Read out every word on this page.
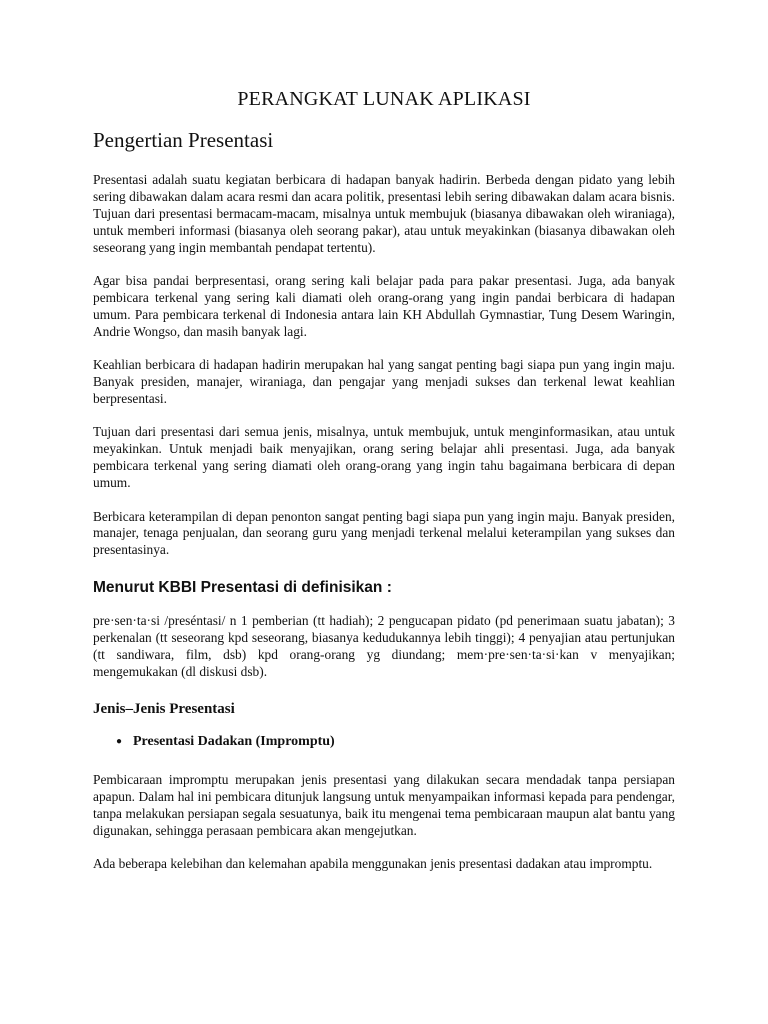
PERANGKAT LUNAK APLIKASI
Pengertian Presentasi

Presentasi adalah suatu kegiatan berbicara di hadapan banyak hadirin. Berbeda dengan pidato yang lebih sering dibawakan dalam acara resmi dan acara politik, presentasi lebih sering dibawakan dalam acara bisnis. Tujuan dari presentasi bermacam-macam, misalnya untuk membujuk (biasanya dibawakan oleh wiraniaga), untuk memberi informasi (biasanya oleh seorang pakar), atau untuk meyakinkan (biasanya dibawakan oleh seseorang yang ingin membantah pendapat tertentu).

Agar bisa pandai berpresentasi, orang sering kali belajar pada para pakar presentasi. Juga, ada banyak pembicara terkenal yang sering kali diamati oleh orang-orang yang ingin pandai berbicara di hadapan umum. Para pembicara terkenal di Indonesia antara lain KH Abdullah Gymnastiar, Tung Desem Waringin, Andrie Wongso, dan masih banyak lagi.

Keahlian berbicara di hadapan hadirin merupakan hal yang sangat penting bagi siapa pun yang ingin maju. Banyak presiden, manajer, wiraniaga, dan pengajar yang menjadi sukses dan terkenal lewat keahlian berpresentasi.

Tujuan dari presentasi dari semua jenis, misalnya, untuk membujuk, untuk menginformasikan, atau untuk meyakinkan. Untuk menjadi baik menyajikan, orang sering belajar ahli presentasi. Juga, ada banyak pembicara terkenal yang sering diamati oleh orang-orang yang ingin tahu bagaimana berbicara di depan umum.

Berbicara keterampilan di depan penonton sangat penting bagi siapa pun yang ingin maju. Banyak presiden, manajer, tenaga penjualan, dan seorang guru yang menjadi terkenal melalui keterampilan yang sukses dan presentasinya.

Menurut KBBI Presentasi di definisikan :

pre·sen·ta·si /preséntasi/ n 1 pemberian (tt hadiah); 2 pengucapan pidato (pd penerimaan suatu jabatan); 3 perkenalan (tt seseorang kpd seseorang, biasanya kedudukannya lebih tinggi); 4 penyajian atau pertunjukan (tt sandiwara, film, dsb) kpd orang-orang yg diundang; mem·pre·sen·ta·si·kan v menyajikan; mengemukakan (dl diskusi dsb).

Jenis–Jenis Presentasi
● Presentasi Dadakan (Impromptu)

Pembicaraan impromptu merupakan jenis presentasi yang dilakukan secara mendadak tanpa persiapan apapun. Dalam hal ini pembicara ditunjuk langsung untuk menyampaikan informasi kepada para pendengar, tanpa melakukan persiapan segala sesuatunya, baik itu mengenai tema pembicaraan maupun alat bantu yang digunakan, sehingga perasaan pembicara akan mengejutkan.

Ada beberapa kelebihan dan kelemahan apabila menggunakan jenis presentasi dadakan atau impromptu.
